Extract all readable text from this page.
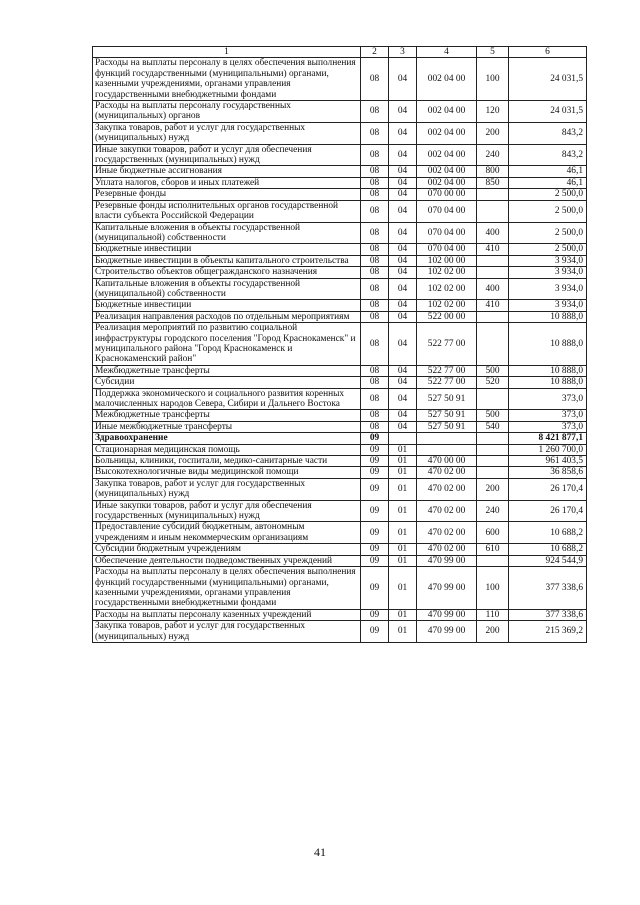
1	2	3	4	5	6
Расходы на выплаты персоналу в целях обеспечения выполнения функций государственными (муниципальными) органами, казенными учреждениями, органами управления государственными внебюджетными фондами	08	04	002 04 00	100	24 031,5
Расходы на выплаты персоналу государственных (муниципальных) органов	08	04	002 04 00	120	24 031,5
Закупка товаров, работ и услуг для государственных (муниципальных) нужд	08	04	002 04 00	200	843,2
Иные закупки товаров, работ и услуг для обеспечения государственных (муниципальных) нужд	08	04	002 04 00	240	843,2
Иные бюджетные ассигнования	08	04	002 04 00	800	46,1
Уплата налогов, сборов и иных платежей	08	04	002 04 00	850	46,1
Резервные фонды	08	04	070 00 00		2 500,0
Резервные фонды исполнительных органов государственной власти субъекта Российской Федерации	08	04	070 04 00		2 500,0
Капитальные вложения в объекты государственной (муниципальной) собственности	08	04	070 04 00	400	2 500,0
Бюджетные инвестиции	08	04	070 04 00	410	2 500,0
Бюджетные инвестиции в объекты капитального строительства	08	04	102 00 00		3 934,0
Строительство объектов общегражданского назначения	08	04	102 02 00		3 934,0
Капитальные вложения в объекты государственной (муниципальной) собственности	08	04	102 02 00	400	3 934,0
Бюджетные инвестиции	08	04	102 02 00	410	3 934,0
Реализация направления расходов по отдельным мероприятиям	08	04	522 00 00		10 888,0
Реализация мероприятий по развитию социальной инфраструктуры городского поселения "Город Краснокаменск" и муниципального района "Город Краснокаменск и Краснокаменский район"	08	04	522 77 00		10 888,0
Межбюджетные трансферты	08	04	522 77 00	500	10 888,0
Субсидии	08	04	522 77 00	520	10 888,0
Поддержка экономического и социального развития коренных малочисленных народов Севера, Сибири и Дальнего Востока	08	04	527 50 91		373,0
Межбюджетные трансферты	08	04	527 50 91	500	373,0
Иные межбюджетные трансферты	08	04	527 50 91	540	373,0
Здравоохранение	09				8 421 877,1
Стационарная медицинская помощь	09	01			1 260 700,0
Больницы, клиники, госпитали, медико-санитарные части	09	01	470 00 00		961 403,5
Высокотехнологичные виды медицинской помощи	09	01	470 02 00		36 858,6
Закупка товаров, работ и услуг для государственных (муниципальных) нужд	09	01	470 02 00	200	26 170,4
Иные закупки товаров, работ и услуг для обеспечения государственных (муниципальных) нужд	09	01	470 02 00	240	26 170,4
Предоставление субсидий бюджетным, автономным учреждениям и иным некоммерческим организациям	09	01	470 02 00	600	10 688,2
Субсидии бюджетным учреждениям	09	01	470 02 00	610	10 688,2
Обеспечение деятельности подведомственных учреждений	09	01	470 99 00		924 544,9
Расходы на выплаты персоналу в целях обеспечения выполнения функций государственными (муниципальными) органами, казенными учреждениями, органами управления государственными внебюджетными фондами	09	01	470 99 00	100	377 338,6
Расходы на выплаты персоналу казенных учреждений	09	01	470 99 00	110	377 338,6
Закупка товаров, работ и услуг для государственных (муниципальных) нужд	09	01	470 99 00	200	215 369,2
41
